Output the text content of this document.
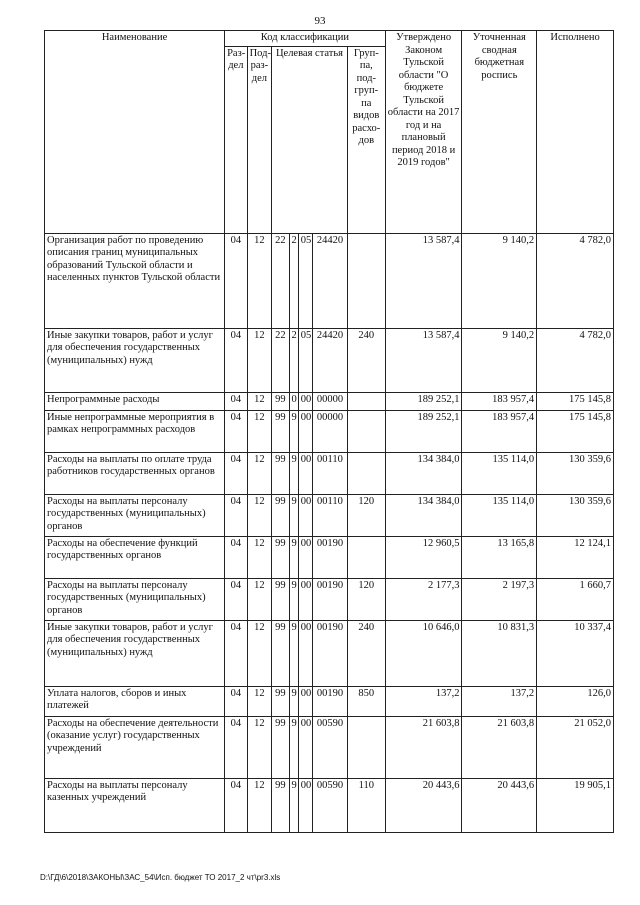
93
Наименование	Код классификации							Утверждено Законом Тульской области "О бюджете Тульской области на 2017 год и на плановый период 2018 и 2019 годов"	Уточненная сводная бюджетная роспись	Исполнено
	Раз- дел	Под- раз- дел	Целевая статья				Груп- па, под- груп- па видов расхо- дов			
Организация работ по проведению описания границ муниципальных образований Тульской области и населенных пунктов Тульской области	04	12	22	2	05	24420		13 587,4	9 140,2	4 782,0
Иные закупки товаров, работ и услуг для обеспечения государственных (муниципальных) нужд	04	12	22	2	05	24420	240	13 587,4	9 140,2	4 782,0
Непрограммные расходы	04	12	99	0	00	00000		189 252,1	183 957,4	175 145,8
Иные непрограммные мероприятия в рамках непрограммных расходов	04	12	99	9	00	00000		189 252,1	183 957,4	175 145,8
Расходы на выплаты по оплате труда работников государственных органов	04	12	99	9	00	00110		134 384,0	135 114,0	130 359,6
Расходы на выплаты персоналу государственных (муниципальных) органов	04	12	99	9	00	00110	120	134 384,0	135 114,0	130 359,6
Расходы на обеспечение функций государственных органов	04	12	99	9	00	00190		12 960,5	13 165,8	12 124,1
Расходы на выплаты персоналу государственных (муниципальных) органов	04	12	99	9	00	00190	120	2 177,3	2 197,3	1 660,7
Иные закупки товаров, работ и услуг для обеспечения государственных (муниципальных) нужд	04	12	99	9	00	00190	240	10 646,0	10 831,3	10 337,4
Уплата налогов, сборов и иных платежей	04	12	99	9	00	00190	850	137,2	137,2	126,0
Расходы на обеспечение деятельности (оказание услуг) государственных учреждений	04	12	99	9	00	00590		21 603,8	21 603,8	21 052,0
Расходы на выплаты персоналу казенных учреждений	04	12	99	9	00	00590	110	20 443,6	20 443,6	19 905,1
D:\ГД\6\2018\ЗАКОНЫ\ЗАС_54\Исп. бюджет ТО 2017_2 чт\pr3.xls
